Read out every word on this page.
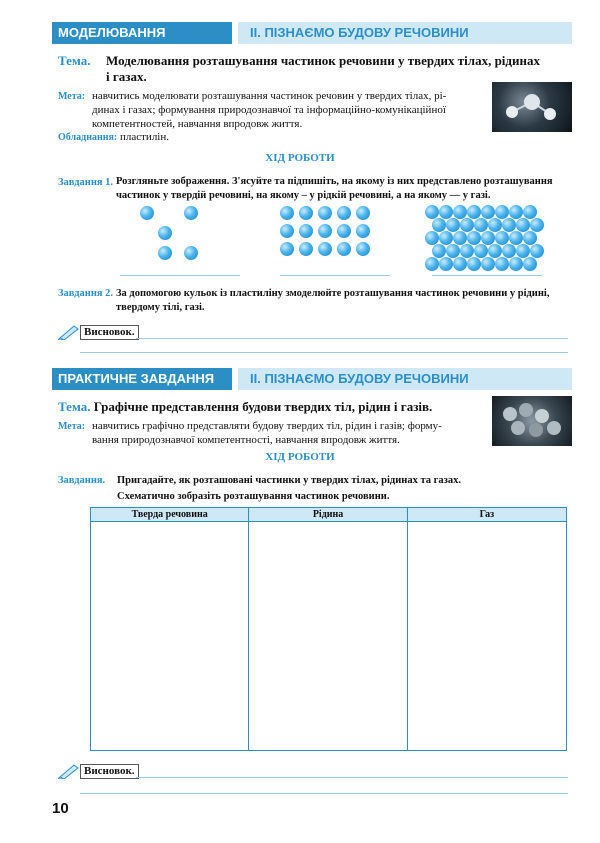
МОДЕЛЮВАННЯ	ІІ. ПІЗНАЄМО БУДОВУ РЕЧОВИНИ
Тема. Моделювання розташування частинок речовини у твердих тілах, рідинах
і газах.
Мета: навчитись моделювати розташування частинок речовин у твердих тілах, рі-
динах і газах; формування природознавчої та інформаційно-комунікаційної
компетентностей, навчання впродовж життя.
Обладнання: пластилін.
ХІД РОБОТИ
Завдання 1. Розгляньте зображення. З'ясуйте та підпишіть, на якому із них представлено розташування
частинок у твердій речовині, на якому – у рідкій речовині, а на якому — у газі.
Завдання 2. За допомогою кульок із пластиліну змоделюйте розташування частинок речовини у рідині,
твердому тілі, газі.
Висновок.
ПРАКТИЧНЕ ЗАВДАННЯ	ІІ. ПІЗНАЄМО БУДОВУ РЕЧОВИНИ
Тема. Графічне представлення будови твердих тіл, рідин і газів.
Мета: навчитись графічно представляти будову твердих тіл, рідин і газів; форму-
вання природознавчої компетентності, навчання впродовж життя.
ХІД РОБОТИ
Завдання. Пригадайте, як розташовані частинки у твердих тілах, рідинах та газах.
Схематично зобразіть розташування частинок речовини.
Тверда речовина	Рідина	Газ

Висновок.
10
